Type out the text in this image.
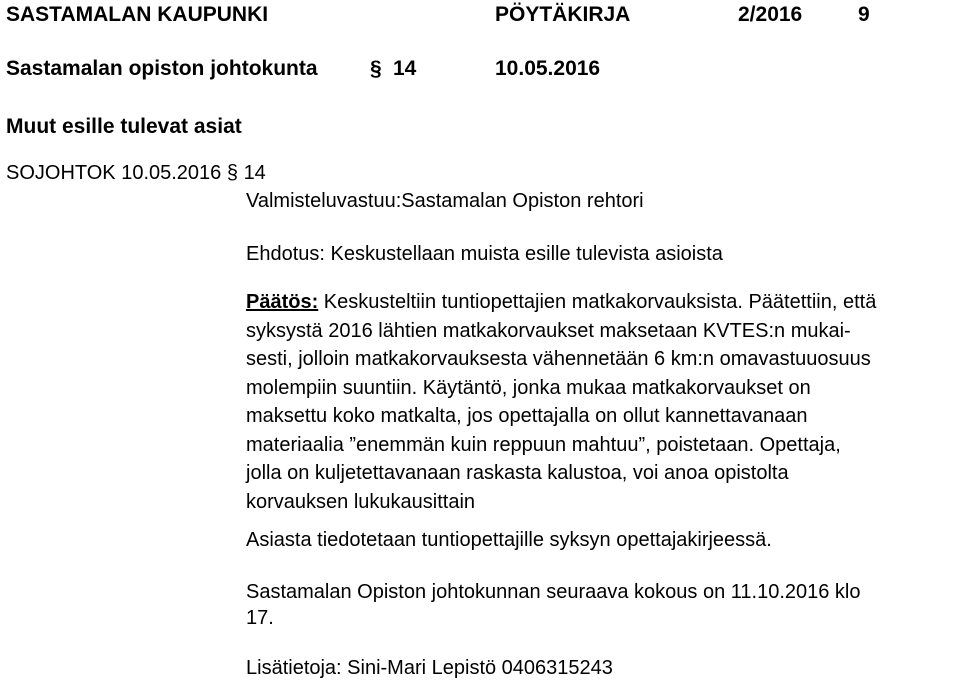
SASTAMALAN KAUPUNKI	PÖYTÄKIRJA	2/2016	9
Sastamalan opiston johtokunta § 14	10.05.2016
Muut esille tulevat asiat
SOJOHTOK 10.05.2016 § 14
Valmisteluvastuu:Sastamalan Opiston rehtori
Ehdotus: Keskustellaan muista esille tulevista asioista
Päätös: Keskusteltiin tuntiopettajien matkakorvauksista. Päätettiin, että
syksystä 2016 lähtien matkakorvaukset maksetaan KVTES:n mukai-
sesti, jolloin matkakorvauksesta vähennetään 6 km:n omavastuuosuus
molempiin suuntiin. Käytäntö, jonka mukaa matkakorvaukset on
maksettu koko matkalta, jos opettajalla on ollut kannettavanaan
materiaalia ”enemmän kuin reppuun mahtuu”, poistetaan. Opettaja,
jolla on kuljetettavanaan raskasta kalustoa, voi anoa opistolta
korvauksen lukukausittain
Asiasta tiedotetaan tuntiopettajille syksyn opettajakirjeessä.
Sastamalan Opiston johtokunnan seuraava kokous on 11.10.2016 klo
17.
Lisätietoja: Sini-Mari Lepistö 0406315243
